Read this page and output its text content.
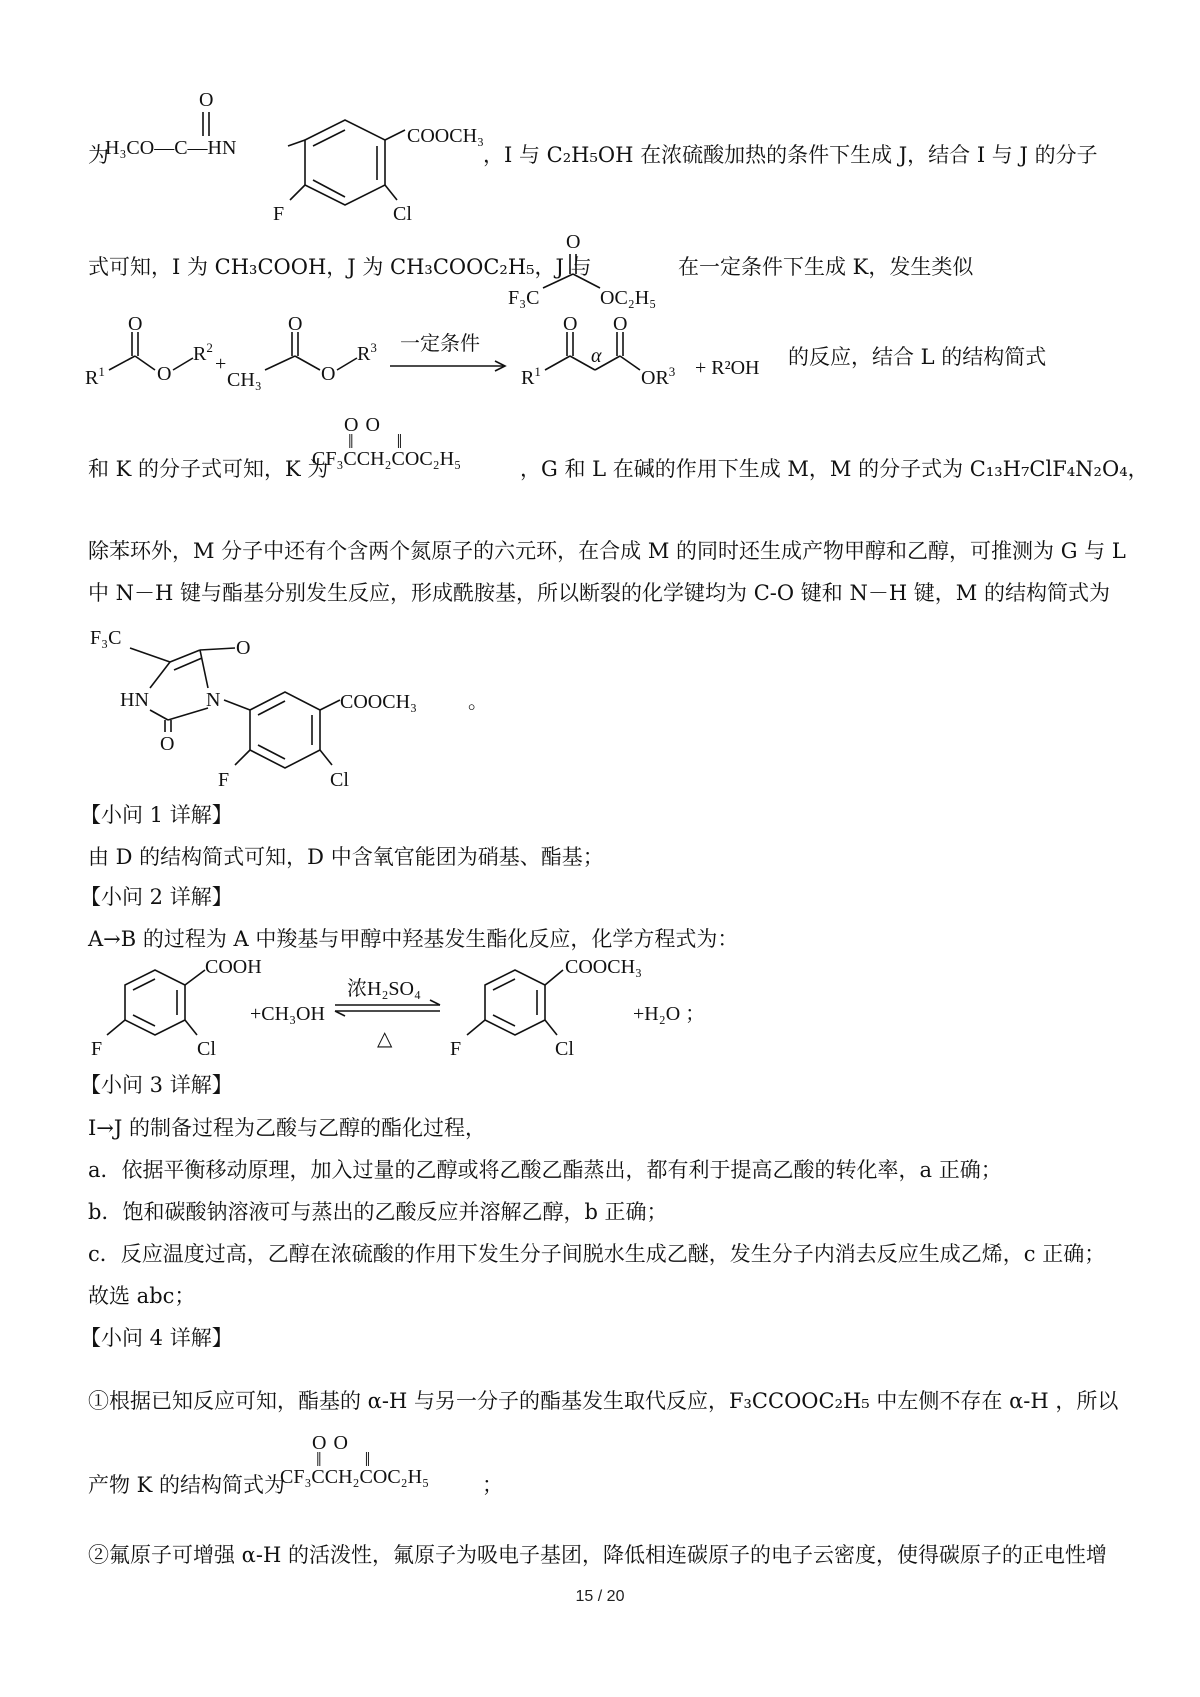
为
O
H₃CO—C—HN
COOCH₃
F	Cl
，I 与 C₂H₅OH 在浓硫酸加热的条件下生成 J，结合 I 与 J 的分子
式可知，I 为 CH₃COOH，J 为 CH₃COOC₂H₅，J 与
O
F₃C	OC₂H₅
在一定条件下生成 K，发生类似
$R^1$
O
O
$R^2$
+
CH₃
O
O
$R^3$ 一定条件
$R^1$
O O
α
$OR^3 + R^2OH$ 的反应，结合 L 的结构简式
和 K 的分子式可知，K 为
O O
‖       ‖
CF₃CCH₂COC₂H₅	，G 和 L 在碱的作用下生成 M，M 的分子式为 C₁₃H₇ClF₄N₂O₄，
除苯环外，M 分子中还有个含两个氮原子的六元环，在合成 M 的同时还生成产物甲醇和乙醇，可推测为 G 与 L
中 N－H 键与酯基分别发生反应，形成酰胺基，所以断裂的化学键均为 C-O 键和 N－H 键，M 的结构简式为
F₃C	O
HN	N
O
COOCH₃	。
F	Cl
【小问 1 详解】
由 D 的结构简式可知，D 中含氧官能团为硝基、酯基；
【小问 2 详解】
A→B 的过程为 A 中羧基与甲醇中羟基发生酯化反应，化学方程式为：
COOH
F	Cl
+CH₃OH
浓H₂SO₄
△
COOCH₃
F	Cl
+H₂O ；
【小问 3 详解】
I→J 的制备过程为乙酸与乙醇的酯化过程，
a．依据平衡移动原理，加入过量的乙醇或将乙酸乙酯蒸出，都有利于提高乙酸的转化率，a 正确；
b．饱和碳酸钠溶液可与蒸出的乙酸反应并溶解乙醇，b 正确；
c．反应温度过高，乙醇在浓硫酸的作用下发生分子间脱水生成乙醚，发生分子内消去反应生成乙烯，c 正确；
故选 abc；
【小问 4 详解】
①根据已知反应可知，酯基的 α-H 与另一分子的酯基发生取代反应，F₃CCOOC₂H₅ 中左侧不存在 α-H ，所以
产物 K 的结构简式为
O O
‖       ‖
CF₃CCH₂COC₂H₅	；
②氟原子可增强 α-H 的活泼性，氟原子为吸电子基团，降低相连碳原子的电子云密度，使得碳原子的正电性增
15 / 20
